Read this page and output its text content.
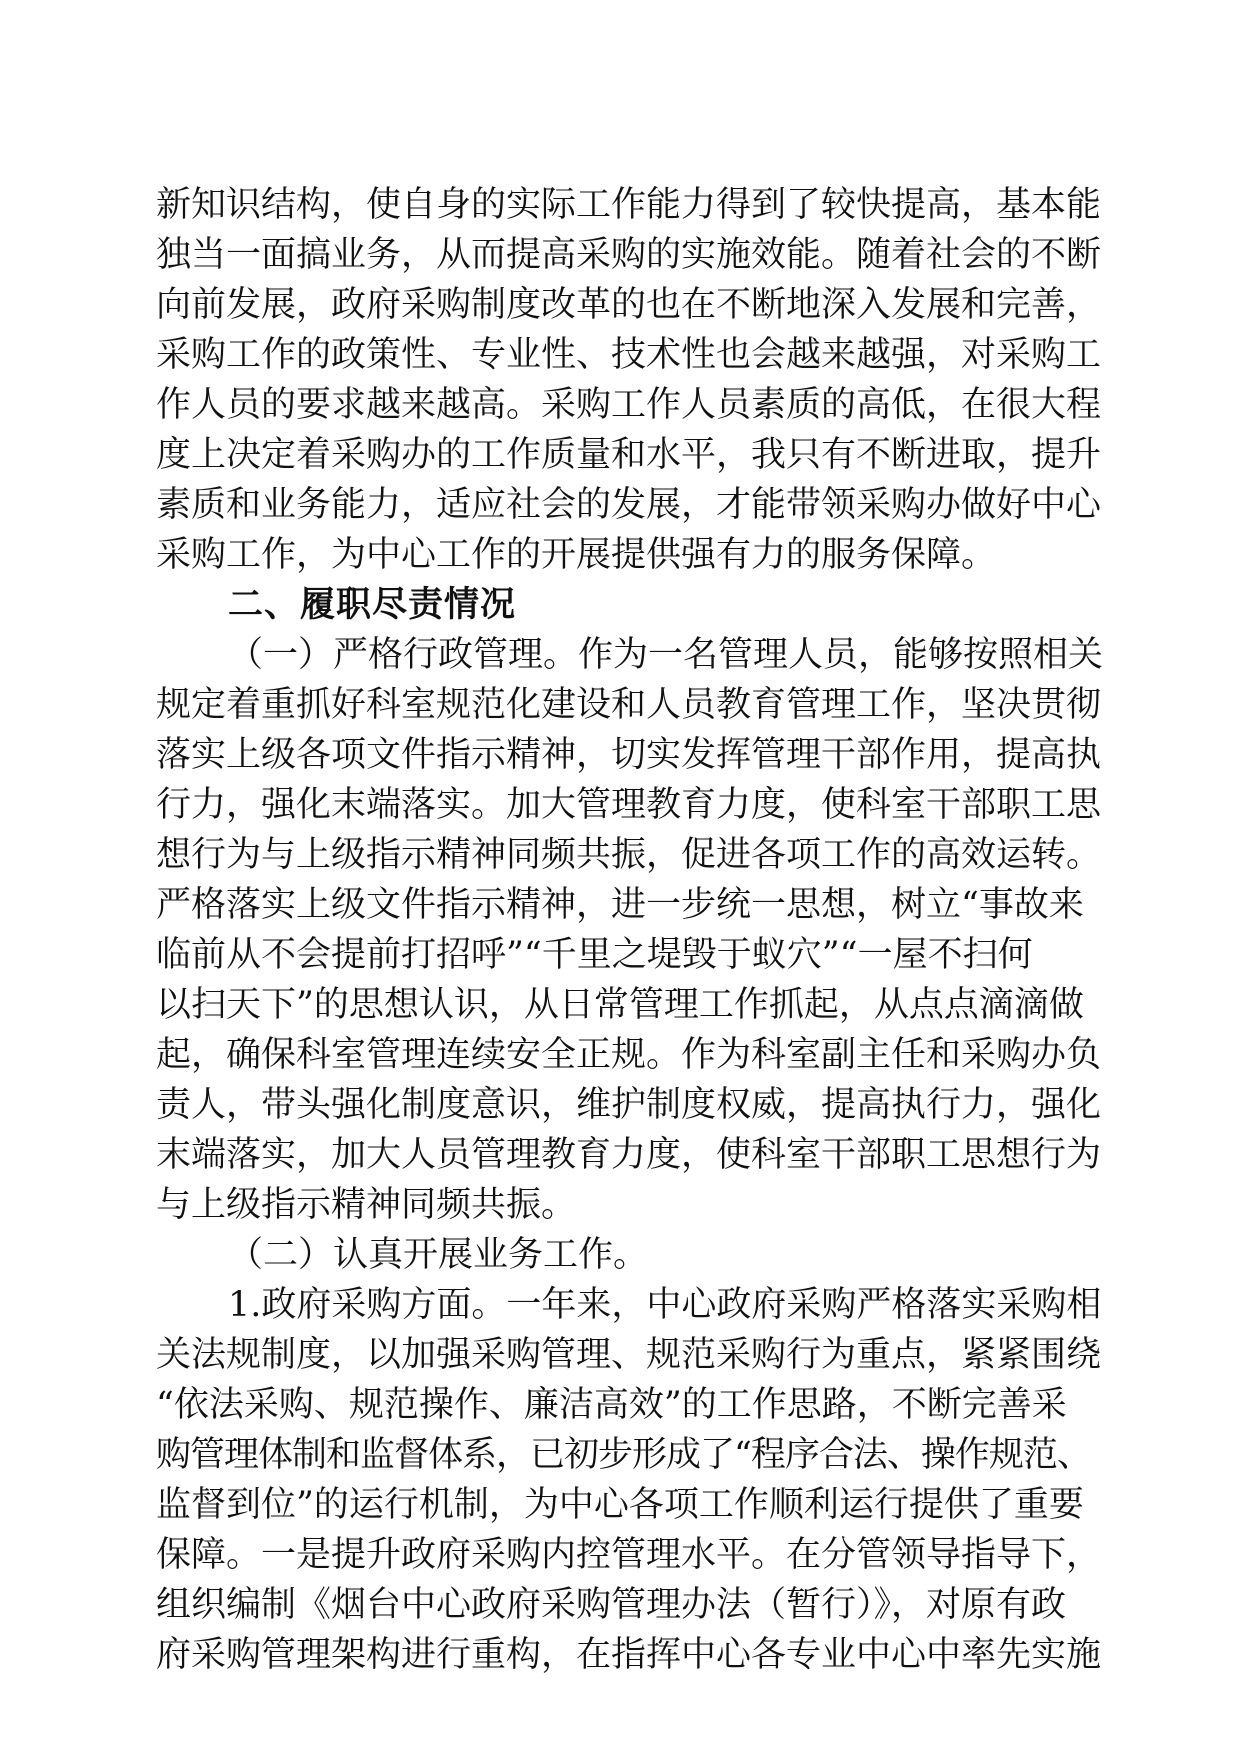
新知识结构，使自身的实际工作能力得到了较快提高，基本能
独当一面搞业务，从而提高采购的实施效能。随着社会的不断
向前发展，政府采购制度改革的也在不断地深入发展和完善，
采购工作的政策性、专业性、技术性也会越来越强，对采购工
作人员的要求越来越高。采购工作人员素质的高低，在很大程
度上决定着采购办的工作质量和水平，我只有不断进取，提升
素质和业务能力，适应社会的发展，才能带领采购办做好中心
采购工作，为中心工作的开展提供强有力的服务保障。
二、履职尽责情况
（一）严格行政管理。作为一名管理人员，能够按照相关
规定着重抓好科室规范化建设和人员教育管理工作，坚决贯彻
落实上级各项文件指示精神，切实发挥管理干部作用，提高执
行力，强化末端落实。加大管理教育力度，使科室干部职工思
想行为与上级指示精神同频共振，促进各项工作的高效运转。
严格落实上级文件指示精神，进一步统一思想，树立“事故来
临前从不会提前打招呼”“千里之堤毁于蚁穴”“一屋不扫何
以扫天下”的思想认识，从日常管理工作抓起，从点点滴滴做
起，确保科室管理连续安全正规。作为科室副主任和采购办负
责人，带头强化制度意识，维护制度权威，提高执行力，强化
末端落实，加大人员管理教育力度，使科室干部职工思想行为
与上级指示精神同频共振。
（二）认真开展业务工作。
1.政府采购方面。一年来，中心政府采购严格落实采购相
关法规制度，以加强采购管理、规范采购行为重点，紧紧围绕
“依法采购、规范操作、廉洁高效”的工作思路，不断完善采
购管理体制和监督体系，已初步形成了“程序合法、操作规范、
监督到位”的运行机制，为中心各项工作顺利运行提供了重要
保障。一是提升政府采购内控管理水平。在分管领导指导下，
组织编制《烟台中心政府采购管理办法（暂行）》，对原有政
府采购管理架构进行重构，在指挥中心各专业中心中率先实施
